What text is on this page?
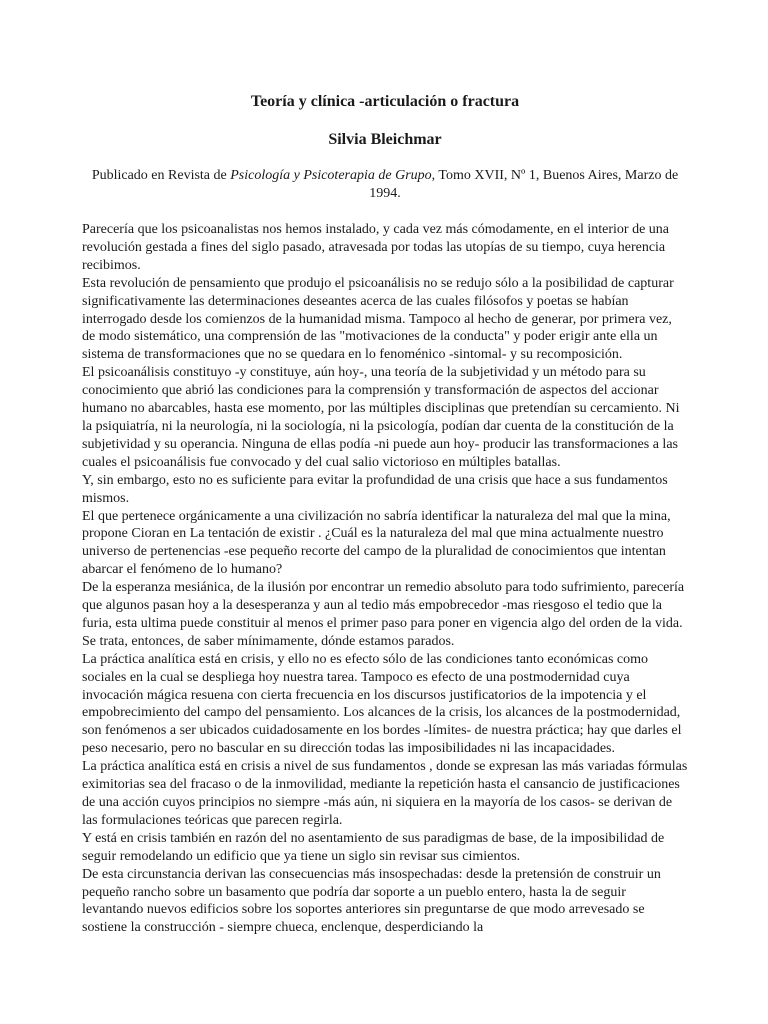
Teoría y clínica -articulación o fractura
Silvia Bleichmar

Publicado en Revista de Psicología y Psicoterapia de Grupo, Tomo XVII, Nº 1, Buenos Aires, Marzo de 1994.

Parecería que los psicoanalistas nos hemos instalado, y cada vez más cómodamente, en el interior de una revolución gestada a fines del siglo pasado, atravesada por todas las utopías de su tiempo, cuya herencia recibimos.

Esta revolución de pensamiento que produjo el psicoanálisis no se redujo sólo a la posibilidad de capturar significativamente las determinaciones deseantes acerca de las cuales filósofos y poetas se habían interrogado desde los comienzos de la humanidad misma. Tampoco al hecho de generar, por primera vez, de modo sistemático, una comprensión de las "motivaciones de la conducta" y poder erigir ante ella un sistema de transformaciones que no se quedara en lo fenoménico -sintomal- y su recomposición.

El psicoanálisis constituyo -y constituye, aún hoy-, una teoría de la subjetividad y un método para su conocimiento que abrió las condiciones para la comprensión y transformación de aspectos del accionar humano no abarcables, hasta ese momento, por las múltiples disciplinas que pretendían su cercamiento. Ni la psiquiatría, ni la neurología, ni la sociología, ni la psicología, podían dar cuenta de la constitución de la subjetividad y su operancia. Ninguna de ellas podía -ni puede aun hoy- producir las transformaciones a las cuales el psicoanálisis fue convocado y del cual salio victorioso en múltiples batallas.

Y, sin embargo, esto no es suficiente para evitar la profundidad de una crisis que hace a sus fundamentos mismos.

El que pertenece orgánicamente a una civilización no sabría identificar la naturaleza del mal que la mina, propone Cioran en La tentación de existir . ¿Cuál es la naturaleza del mal que mina actualmente nuestro universo de pertenencias -ese pequeño recorte del campo de la pluralidad de conocimientos que intentan abarcar el fenómeno de lo humano?

De la esperanza mesiánica, de la ilusión por encontrar un remedio absoluto para todo sufrimiento, parecería que algunos pasan hoy a la desesperanza y aun al tedio más empobrecedor -mas riesgoso el tedio que la furia, esta ultima puede constituir al menos el primer paso para poner en vigencia algo del orden de la vida.

Se trata, entonces, de saber mínimamente, dónde estamos parados.

La práctica analítica está en crisis, y ello no es efecto sólo de las condiciones tanto económicas como sociales en la cual se despliega hoy nuestra tarea. Tampoco es efecto de una postmodernidad cuya invocación mágica resuena con cierta frecuencia en los discursos justificatorios de la impotencia y el empobrecimiento del campo del pensamiento. Los alcances de la crisis, los alcances de la postmodernidad, son fenómenos a ser ubicados cuidadosamente en los bordes -límites- de nuestra práctica; hay que darles el peso necesario, pero no bascular en su dirección todas las imposibilidades ni las incapacidades.

La práctica analítica está en crisis a nivel de sus fundamentos , donde se expresan las más variadas fórmulas eximitorias sea del fracaso o de la inmovilidad, mediante la repetición hasta el cansancio de justificaciones de una acción cuyos principios no siempre -más aún, ni siquiera en la mayoría de los casos- se derivan de las formulaciones teóricas que parecen regirla.

Y está en crisis también en razón del no asentamiento de sus paradigmas de base, de la imposibilidad de seguir remodelando un edificio que ya tiene un siglo sin revisar sus cimientos.

De esta circunstancia derivan las consecuencias más insospechadas: desde la pretensión de construir un pequeño rancho sobre un basamento que podría dar soporte a un pueblo entero, hasta la de seguir levantando nuevos edificios sobre los soportes anteriores sin preguntarse de que modo arrevesado se sostiene la construcción - siempre chueca, enclenque, desperdiciando la
